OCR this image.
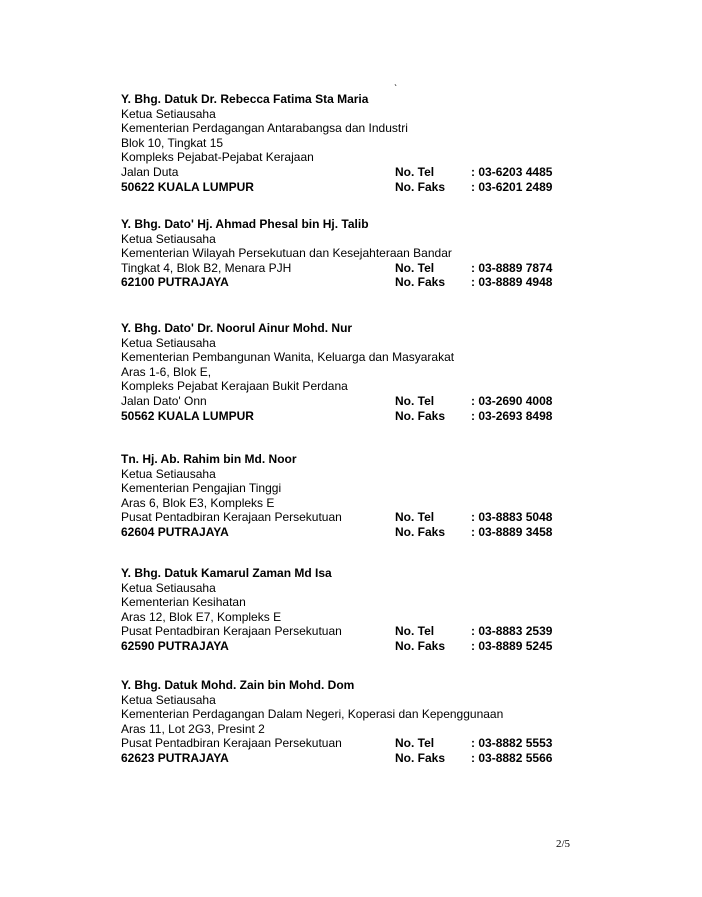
ˋ
Y. Bhg. Datuk Dr. Rebecca Fatima Sta Maria
Ketua Setiausaha
Kementerian Perdagangan Antarabangsa dan Industri
Blok 10, Tingkat 15
Kompleks Pejabat-Pejabat Kerajaan
Jalan Duta	No. Tel	: 03-6203 4485
50622 KUALA LUMPUR	No. Faks : 03-6201 2489
Y. Bhg. Dato' Hj. Ahmad Phesal bin Hj. Talib
Ketua Setiausaha
Kementerian Wilayah Persekutuan dan Kesejahteraan Bandar
Tingkat 4, Blok B2, Menara PJH	No. Tel	: 03-8889 7874
62100 PUTRAJAYA	No. Faks : 03-8889 4948
Y. Bhg. Dato' Dr. Noorul Ainur Mohd. Nur
Ketua Setiausaha
Kementerian Pembangunan Wanita, Keluarga dan Masyarakat
Aras 1-6, Blok E,
Kompleks Pejabat Kerajaan Bukit Perdana
Jalan Dato' Onn	No. Tel	: 03-2690 4008
50562 KUALA LUMPUR	No. Faks : 03-2693 8498
Tn. Hj. Ab. Rahim bin Md. Noor
Ketua Setiausaha
Kementerian Pengajian Tinggi
Aras 6, Blok E3, Kompleks E
Pusat Pentadbiran Kerajaan Persekutuan	No. Tel	: 03-8883 5048
62604 PUTRAJAYA	No. Faks : 03-8889 3458
Y. Bhg. Datuk Kamarul Zaman Md Isa
Ketua Setiausaha
Kementerian Kesihatan
Aras 12, Blok E7, Kompleks E
Pusat Pentadbiran Kerajaan Persekutuan	No. Tel	: 03-8883 2539
62590 PUTRAJAYA	No. Faks : 03-8889 5245
Y. Bhg. Datuk Mohd. Zain bin Mohd. Dom
Ketua Setiausaha
Kementerian Perdagangan Dalam Negeri, Koperasi dan Kepenggunaan
Aras 11, Lot 2G3, Presint 2
Pusat Pentadbiran Kerajaan Persekutuan	No. Tel	: 03-8882 5553
62623 PUTRAJAYA	No. Faks : 03-8882 5566
2/5
